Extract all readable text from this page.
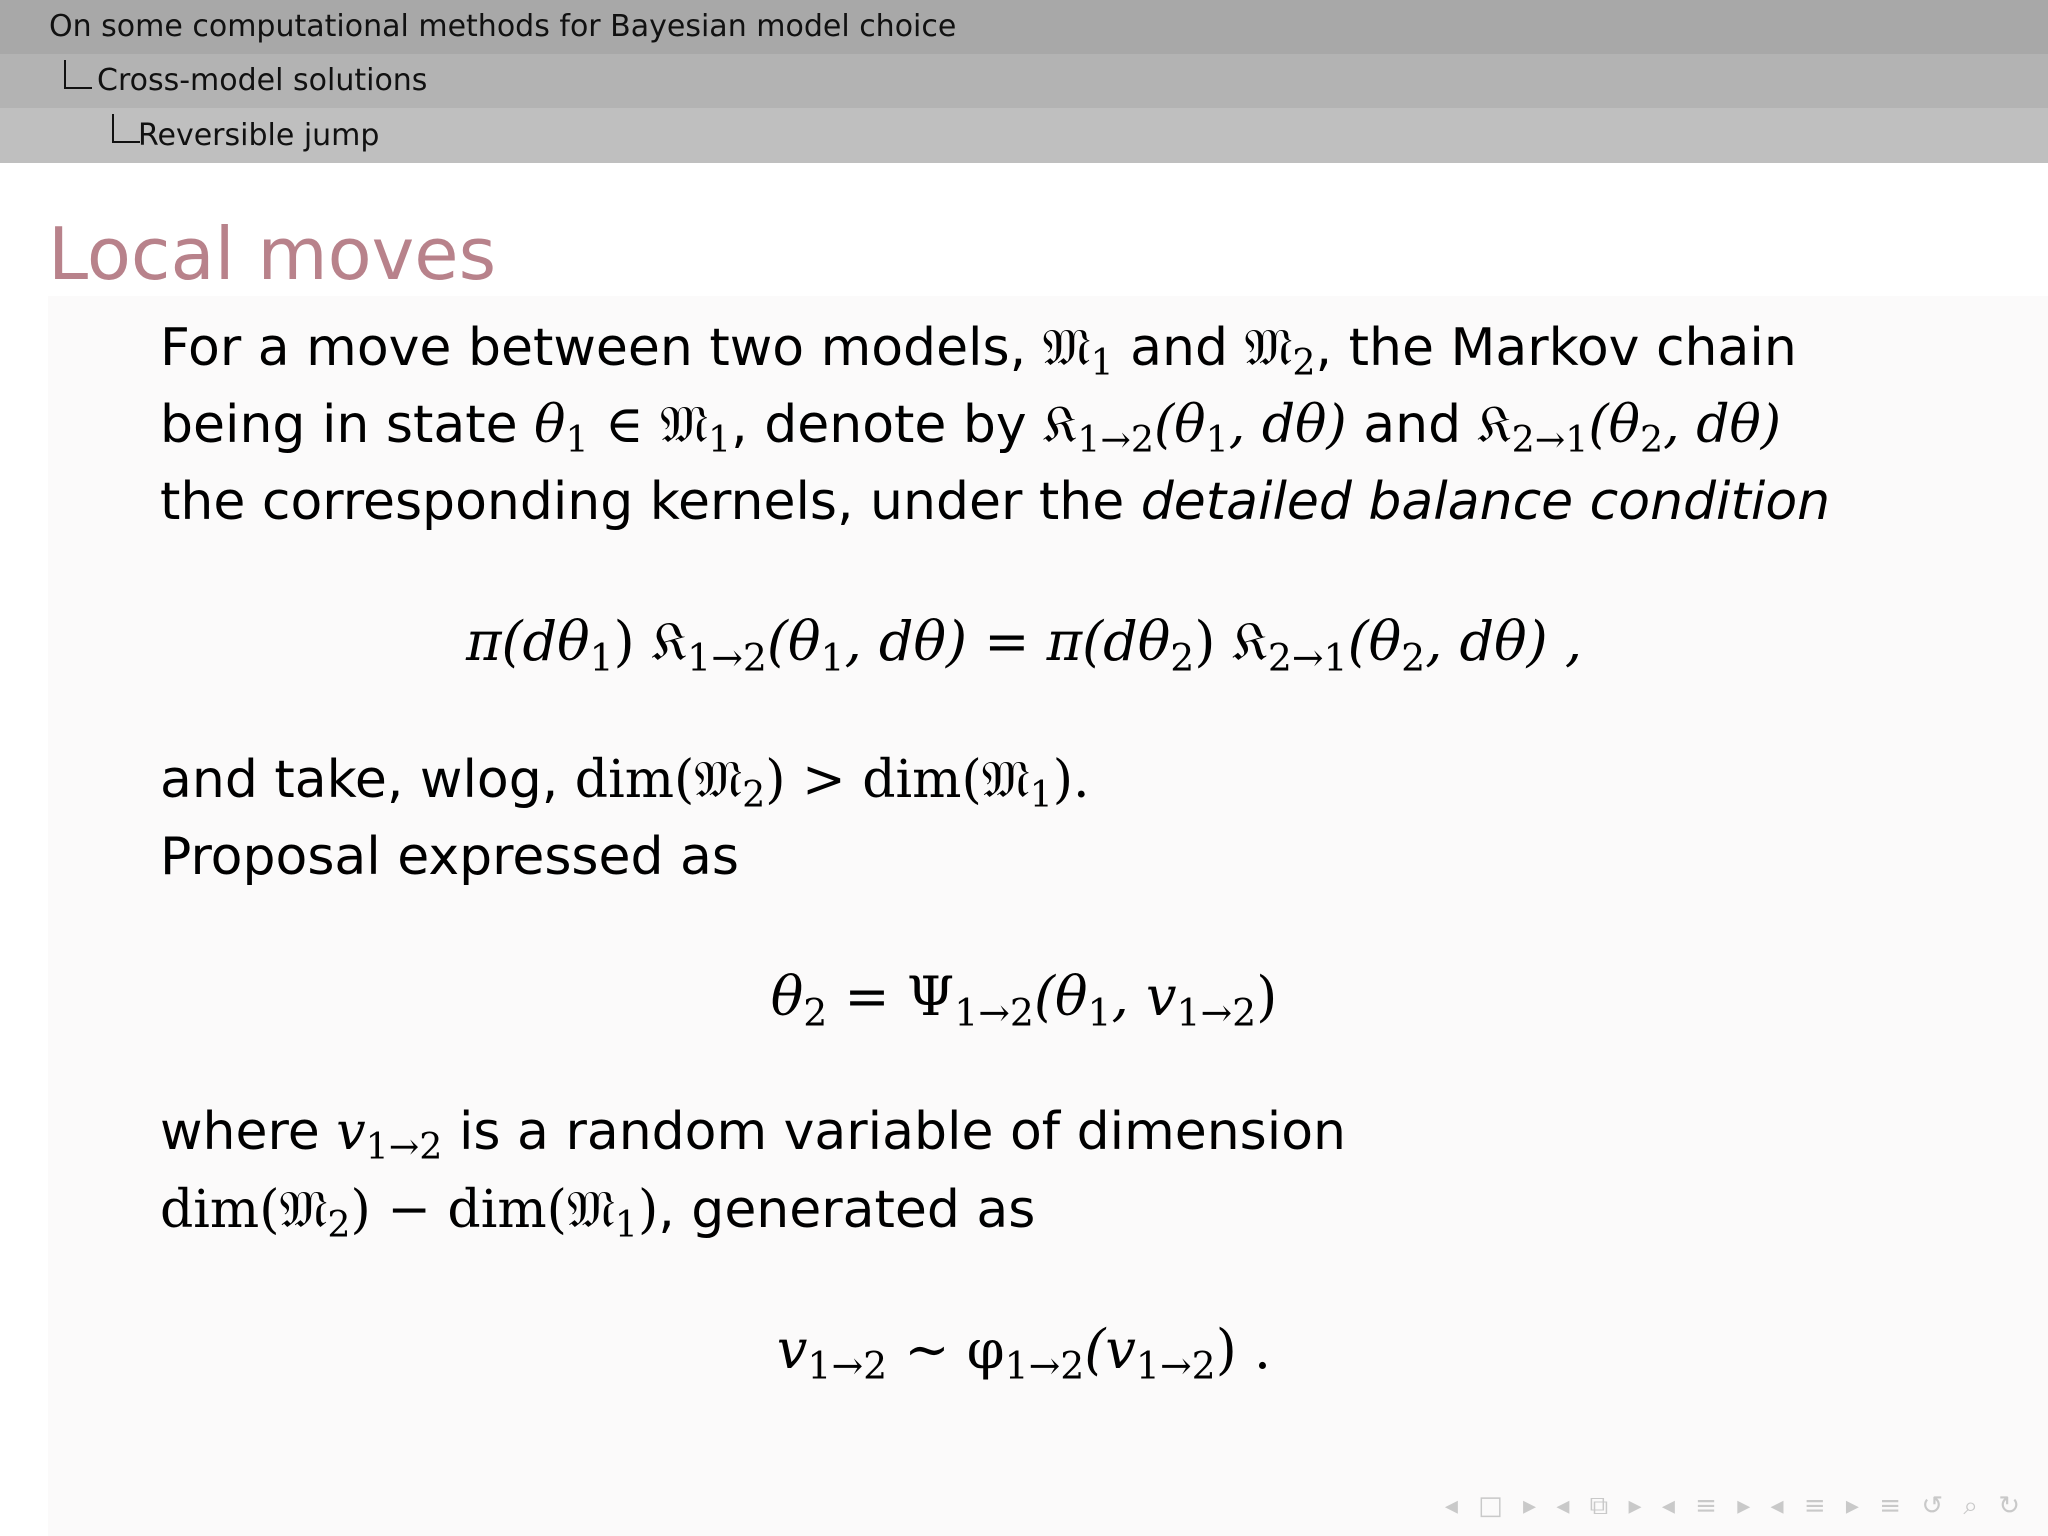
On some computational methods for Bayesian model choice
Cross-model solutions
Reversible jump
Local moves
For a move between two models, 𝔐$_1$ and 𝔐$_2$, the Markov chain
being in state $\theta_1$ ∈ 𝔐$_1$, denote by $𝔎_{1\to 2}(\theta_1$, dθ) and $𝔎_{2\to 1}(\theta_2$, dθ)
the corresponding kernels, under the detailed balance condition
$\pi(d\theta_1)$ $𝔎_{1\to 2}(\theta_1$, $d\theta) = \pi(d\theta_2)$ $𝔎_{2\to 1}(\theta_2$, dθ) ,
and take, wlog, dim(𝔐$_2$) > dim(𝔐$_1$).
Proposal expressed as
$\theta_2 = \Psi_{1\to 2}(\theta_1$, $v_{1\to 2}$)
where $v_{1\to 2}$ is a random variable of dimension
dim(𝔐$_2$) − dim(𝔐$_1$), generated as
$v_{1\to 2}$ ∼ $\varphi_{1\to 2}(v_{1\to 2})$ .
◂ □ ▸ ◂ ⧉ ▸ ◂ ≡ ▸ ◂ ≡ ▸ ≡ ↺ ⌕ ↻
